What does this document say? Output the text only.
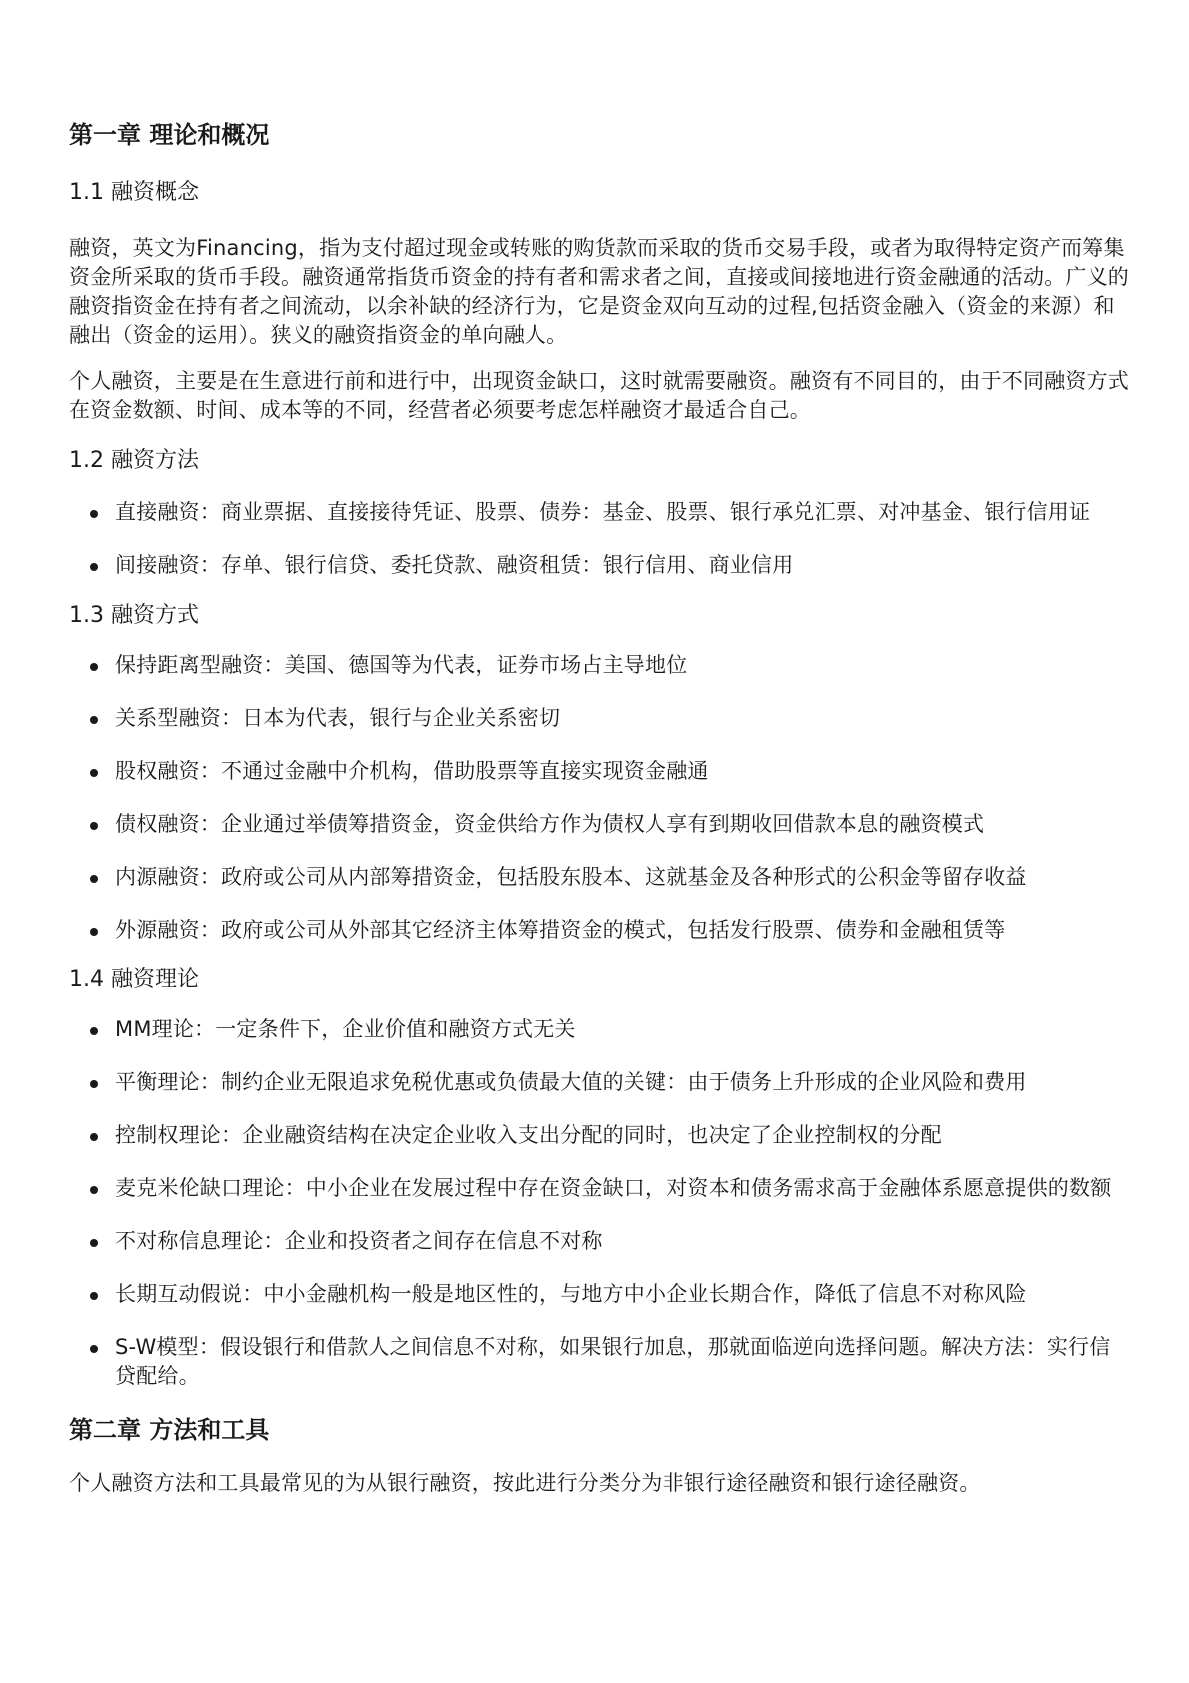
第一章 理论和概况
1.1 融资概念

融资，英文为Financing，指为支付超过现金或转账的购货款而采取的货币交易手段，或者为取得特定资产而筹集资金所采取的货币手段。融资通常指货币资金的持有者和需求者之间，直接或间接地进行资金融通的活动。广义的融资指资金在持有者之间流动，以余补缺的经济行为，它是资金双向互动的过程,包括资金融入（资金的来源）和融出（资金的运用）。狭义的融资指资金的单向融人。

个人融资，主要是在生意进行前和进行中，出现资金缺口，这时就需要融资。融资有不同目的，由于不同融资方式在资金数额、时间、成本等的不同，经营者必须要考虑怎样融资才最适合自己。

1.2 融资方法
直接融资：商业票据、直接接待凭证、股票、债券：基金、股票、银行承兑汇票、对冲基金、银行信用证
间接融资：存单、银行信贷、委托贷款、融资租赁：银行信用、商业信用
1.3 融资方式
保持距离型融资：美国、德国等为代表，证券市场占主导地位
关系型融资：日本为代表，银行与企业关系密切
股权融资：不通过金融中介机构，借助股票等直接实现资金融通
债权融资：企业通过举债筹措资金，资金供给方作为债权人享有到期收回借款本息的融资模式
内源融资：政府或公司从内部筹措资金，包括股东股本、这就基金及各种形式的公积金等留存收益
外源融资：政府或公司从外部其它经济主体筹措资金的模式，包括发行股票、债券和金融租赁等
1.4 融资理论
MM理论：一定条件下，企业价值和融资方式无关
平衡理论：制约企业无限追求免税优惠或负债最大值的关键：由于债务上升形成的企业风险和费用
控制权理论：企业融资结构在决定企业收入支出分配的同时，也决定了企业控制权的分配
麦克米伦缺口理论：中小企业在发展过程中存在资金缺口，对资本和债务需求高于金融体系愿意提供的数额
不对称信息理论：企业和投资者之间存在信息不对称
长期互动假说：中小金融机构一般是地区性的，与地方中小企业长期合作，降低了信息不对称风险
S-W模型：假设银行和借款人之间信息不对称，如果银行加息，那就面临逆向选择问题。解决方法：实行信贷配给。
第二章 方法和工具

个人融资方法和工具最常见的为从银行融资，按此进行分类分为非银行途径融资和银行途径融资。
